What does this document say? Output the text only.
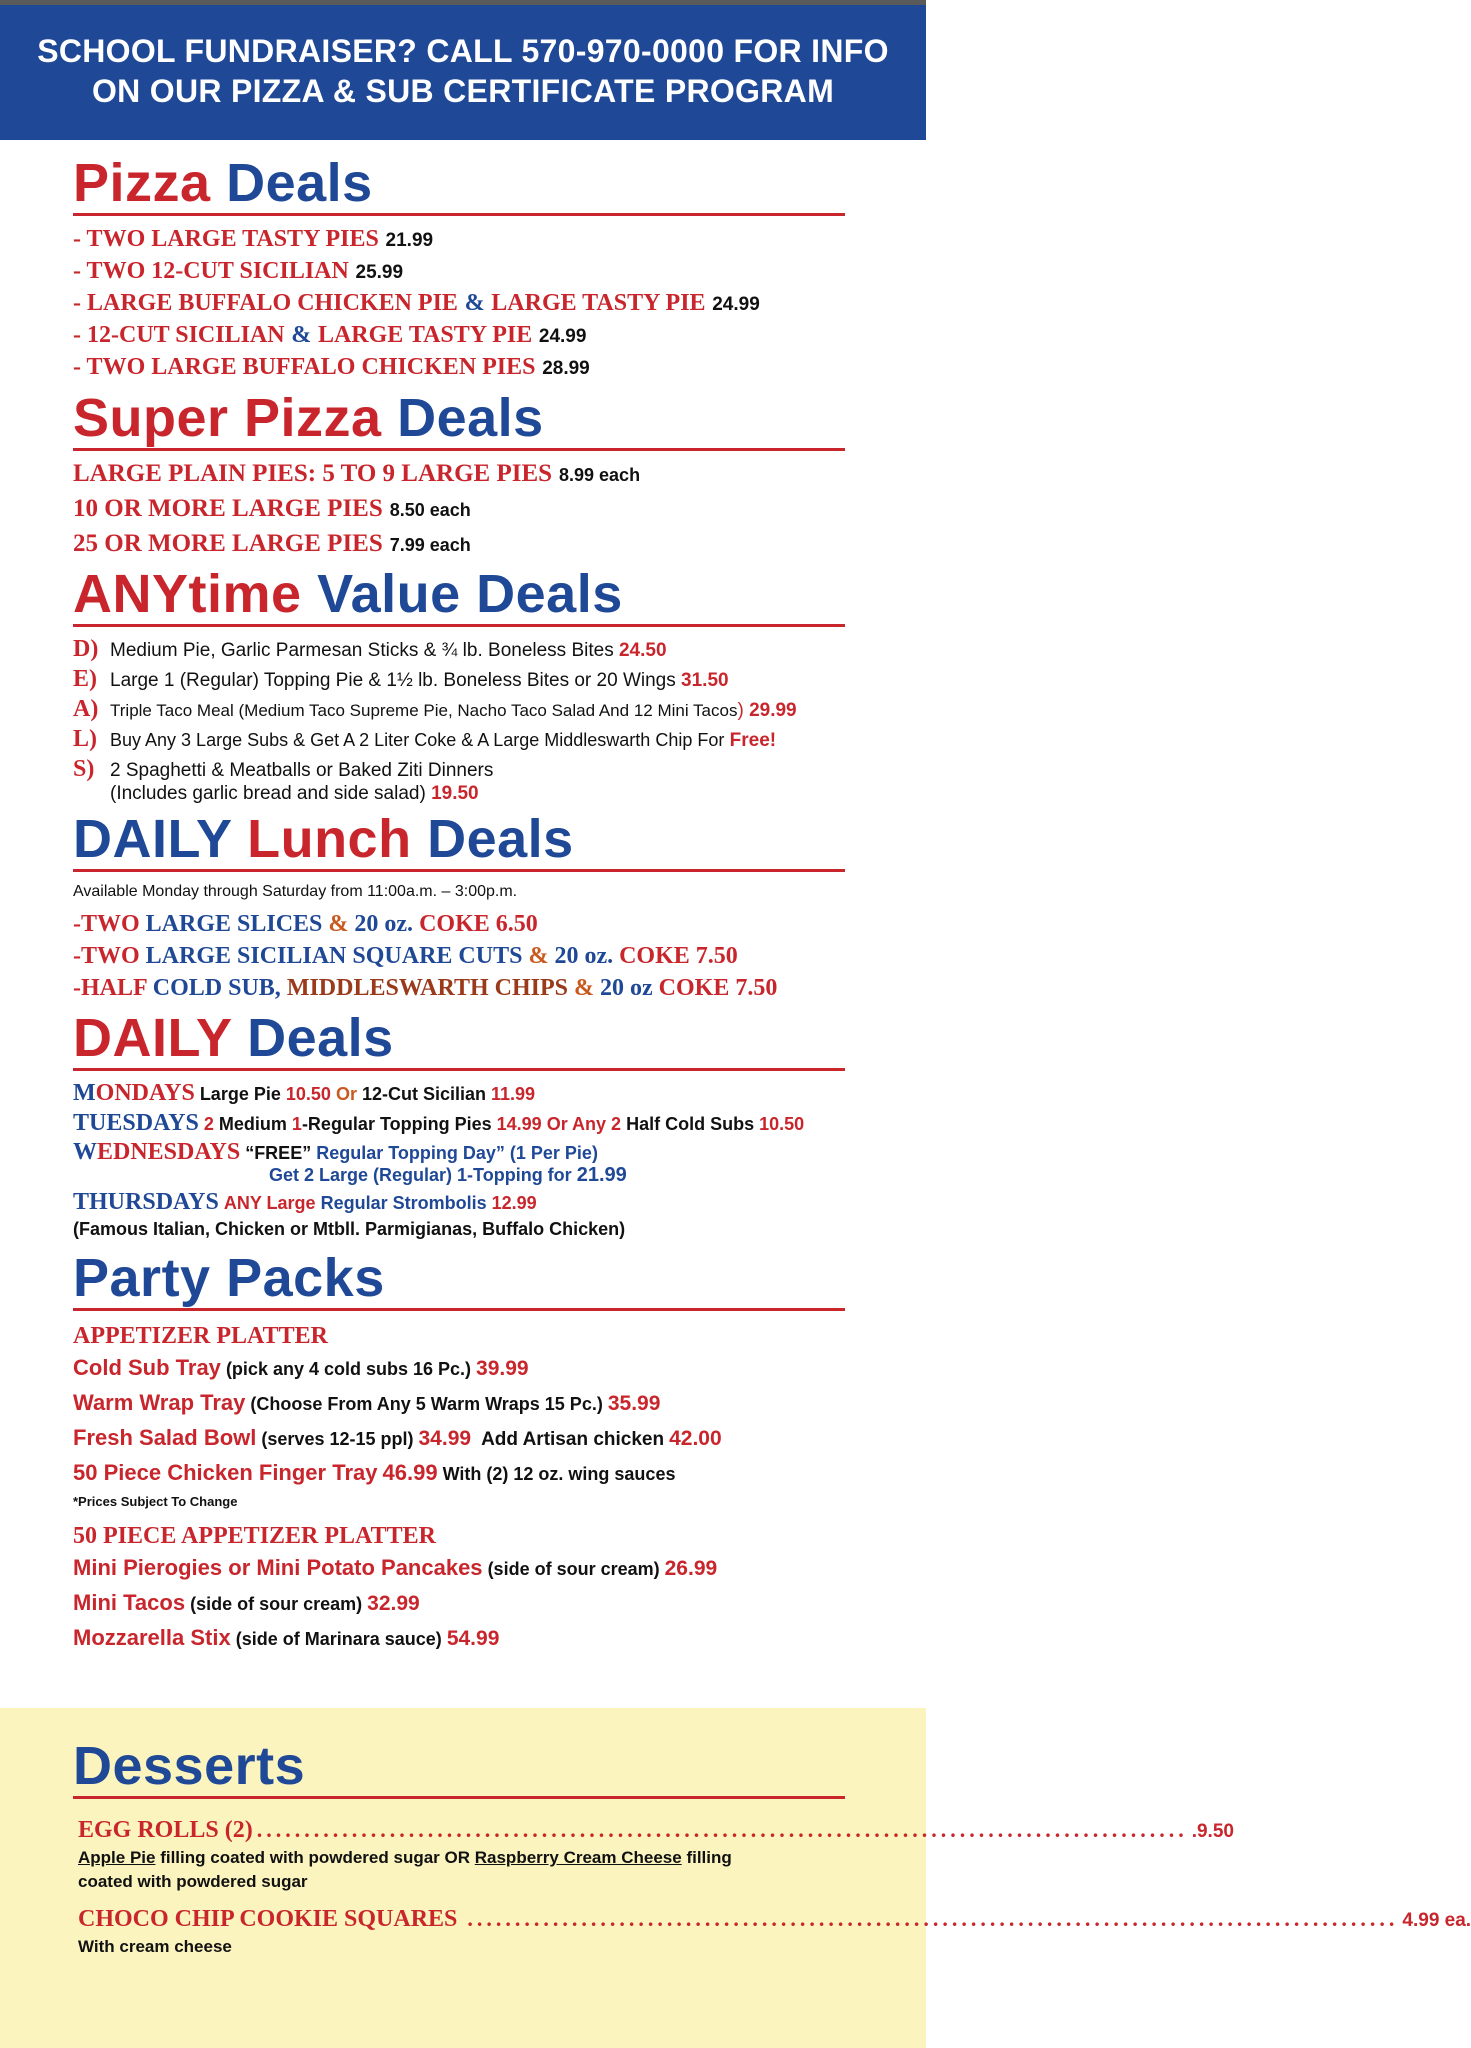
SCHOOL FUNDRAISER? CALL 570-970-0000 FOR INFO
ON OUR PIZZA & SUB CERTIFICATE PROGRAM
Pizza Deals
- TWO LARGE TASTY PIES 21.99
- TWO 12-CUT SICILIAN 25.99
- LARGE BUFFALO CHICKEN PIE & LARGE TASTY PIE 24.99
- 12-CUT SICILIAN & LARGE TASTY PIE 24.99
- TWO LARGE BUFFALO CHICKEN PIES 28.99
Super Pizza Deals
LARGE PLAIN PIES: 5 TO 9 LARGE PIES 8.99 each
10 OR MORE LARGE PIES 8.50 each
25 OR MORE LARGE PIES 7.99 each
ANYtime Value Deals
D) Medium Pie, Garlic Parmesan Sticks & ¾ lb. Boneless Bites 24.50
E) Large 1 (Regular) Topping Pie & 1½ lb. Boneless Bites or 20 Wings 31.50
A) Triple Taco Meal (Medium Taco Supreme Pie, Nacho Taco Salad And 12 Mini Tacos) 29.99
L) Buy Any 3 Large Subs & Get A 2 Liter Coke & A Large Middleswarth Chip For Free!
S) 2 Spaghetti & Meatballs or Baked Ziti Dinners
(Includes garlic bread and side salad) 19.50
DAILY Lunch Deals
Available Monday through Saturday from 11:00a.m. – 3:00p.m.
-TWO LARGE SLICES & 20 oz. COKE 6.50
-TWO LARGE SICILIAN SQUARE CUTS & 20 oz. COKE 7.50
-HALF COLD SUB, MIDDLESWARTH CHIPS & 20 oz COKE 7.50
DAILY Deals
MONDAYS Large Pie 10.50 Or 12-Cut Sicilian 11.99
TUESDAYS 2 Medium 1-Regular Topping Pies 14.99 Or Any 2 Half Cold Subs 10.50
WEDNESDAYS “FREE” Regular Topping Day” (1 Per Pie)
Get 2 Large (Regular) 1-Topping for 21.99
THURSDAYS ANY Large Regular Strombolis 12.99
(Famous Italian, Chicken or Mtbll. Parmigianas, Buffalo Chicken)
Party Packs
APPETIZER PLATTER
Cold Sub Tray (pick any 4 cold subs 16 Pc.) 39.99
Warm Wrap Tray (Choose From Any 5 Warm Wraps 15 Pc.) 35.99
Fresh Salad Bowl (serves 12-15 ppl) 34.99 Add Artisan chicken 42.00
50 Piece Chicken Finger Tray 46.99 With (2) 12 oz. wing sauces
*Prices Subject To Change
50 PIECE APPETIZER PLATTER
Mini Pierogies or Mini Potato Pancakes (side of sour cream) 26.99
Mini Tacos (side of sour cream) 32.99
Mozzarella Stix (side of Marinara sauce) 54.99
Desserts
EGG ROLLS (2) .................................................................................................. .9.50
Apple Pie filling coated with powdered sugar OR Raspberry Cream Cheese filling
coated with powdered sugar
CHOCO CHIP COOKIE SQUARES .................................................................................................. 4.99 ea.
With cream cheese
